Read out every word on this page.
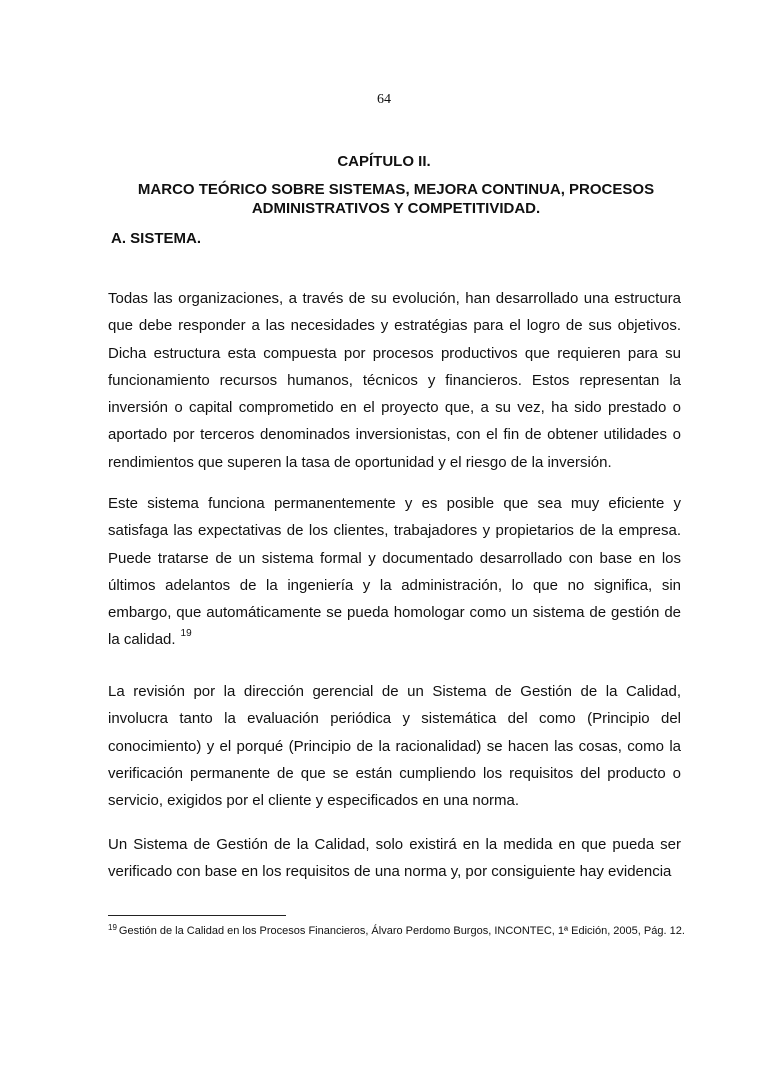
64
CAPÍTULO II.
MARCO TEÓRICO SOBRE SISTEMAS, MEJORA CONTINUA, PROCESOS ADMINISTRATIVOS Y COMPETITIVIDAD.
A. SISTEMA.

Todas las organizaciones, a través de su evolución, han desarrollado una estructura que debe responder a las necesidades y estratégias para el logro de sus objetivos. Dicha estructura esta compuesta por procesos productivos que requieren para su funcionamiento recursos humanos, técnicos y financieros. Estos representan la inversión o capital comprometido en el proyecto que, a su vez, ha sido prestado o aportado por terceros denominados inversionistas, con el fin de obtener utilidades o rendimientos que superen la tasa de oportunidad y el riesgo de la inversión.

Este sistema funciona permanentemente y es posible que sea muy eficiente y satisfaga las expectativas de los clientes, trabajadores y propietarios de la empresa. Puede tratarse de un sistema formal y documentado desarrollado con base en los últimos adelantos de la ingeniería y la administración, lo que no significa, sin embargo, que automáticamente se pueda homologar como un sistema de gestión de la calidad. $^{19}$

La revisión por la dirección gerencial de un Sistema de Gestión de la Calidad, involucra tanto la evaluación periódica y sistemática del como (Principio del conocimiento) y el porqué (Principio de la racionalidad) se hacen las cosas, como la verificación permanente de que se están cumpliendo los requisitos del producto o servicio, exigidos por el cliente y especificados en una norma.

Un Sistema de Gestión de la Calidad, solo existirá en la medida en que pueda ser verificado con base en los requisitos de una norma y, por consiguiente hay evidencia

$^{19}$ Gestión de la Calidad en los Procesos Financieros, Álvaro Perdomo Burgos, INCONTEC, 1ª Edición, 2005, Pág. 12.
